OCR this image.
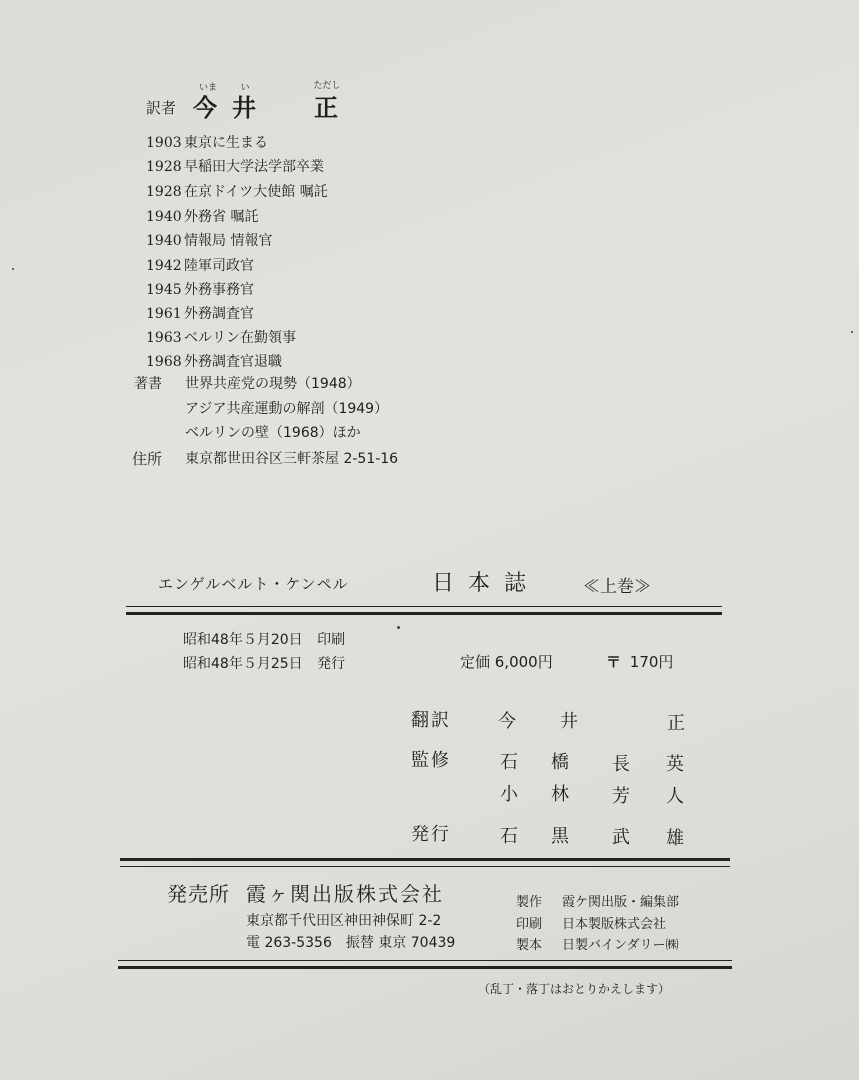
訳者
いま	い	ただし
今 井 正
1903 東京に生まる
1928 早稲田大学法学部卒業
1928 在京ドイツ大使館 嘱託
1940 外務省 嘱託
1940 情報局 情報官
1942 陸軍司政官
1945 外務事務官
1961 外務調査官
1963 ベルリン在勤領事
1968 外務調査官退職
著書 世界共産党の現勢（1948）
アジア共産運動の解剖（1949）
ベルリンの壁（1968）ほか
住所 東京都世田谷区三軒茶屋 2-51-16
エンゲルベルト・ケンペル	日本誌	≪上巻≫
昭和48年５月20日 印刷
昭和48年５月25日 発行	定価 6,000円	〒 170円
翻訳	今 井	正
監修	石 橋 長 英
小 林 芳 人
発行	石 黒 武 雄
発売所 霞ヶ関出版株式会社
東京都千代田区神田神保町 2-2
電 263-5356　振替 東京 70439
製作 霞ケ関出版・編集部
印刷 日本製版株式会社
製本 日製バインダリー㈱
（乱丁・落丁はおとりかえします）
